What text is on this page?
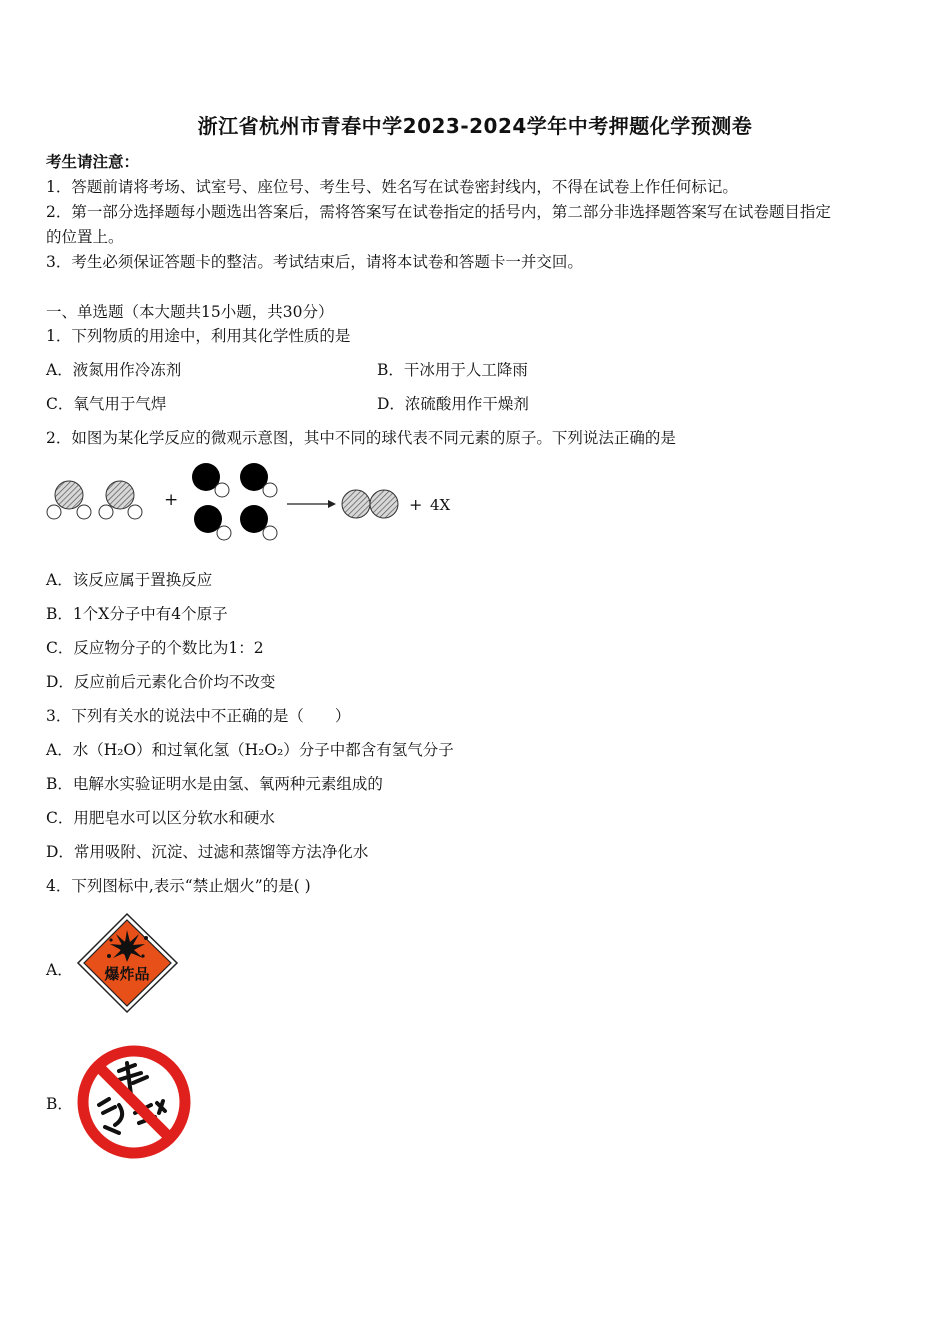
浙江省杭州市青春中学2023-2024学年中考押题化学预测卷
考生请注意：
1．答题前请将考场、试室号、座位号、考生号、姓名写在试卷密封线内，不得在试卷上作任何标记。
2．第一部分选择题每小题选出答案后，需将答案写在试卷指定的括号内，第二部分非选择题答案写在试卷题目指定
的位置上。
3．考生必须保证答题卡的整洁。考试结束后，请将本试卷和答题卡一并交回。
一、单选题（本大题共15小题，共30分）
1．下列物质的用途中，利用其化学性质的是
A．液氮用作冷冻剂	B．干冰用于人工降雨
C．氧气用于气焊	D．浓硫酸用作干燥剂
2．如图为某化学反应的微观示意图，其中不同的球代表不同元素的原子。下列说法正确的是
+	+ 4X
A．该反应属于置换反应
B．1个X分子中有4个原子
C．反应物分子的个数比为1：2
D．反应前后元素化合价均不改变
3．下列有关水的说法中不正确的是（　　）
A．水（H₂O）和过氧化氢（H₂O₂）分子中都含有氢气分子
B．电解水实验证明水是由氢、氧两种元素组成的
C．用肥皂水可以区分软水和硬水
D．常用吸附、沉淀、过滤和蒸馏等方法净化水
4．下列图标中,表示“禁止烟火”的是( )
A． 爆炸品
B．
